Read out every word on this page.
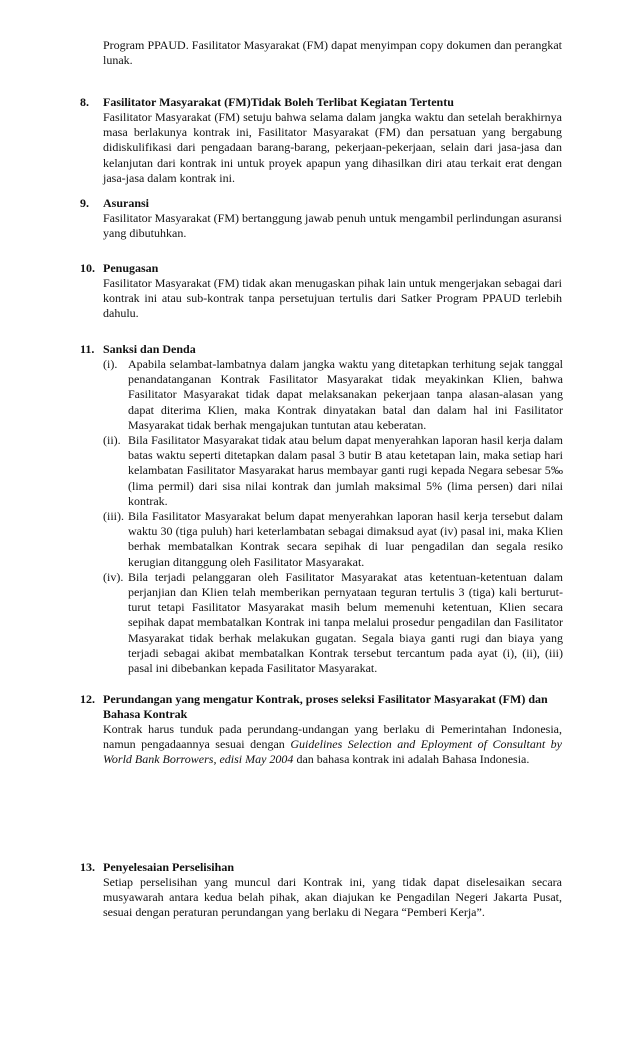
Program PPAUD. Fasilitator Masyarakat (FM) dapat menyimpan copy dokumen dan perangkat lunak.

8. Fasilitator Masyarakat (FM)Tidak Boleh Terlibat Kegiatan Tertentu

Fasilitator Masyarakat (FM) setuju bahwa selama dalam jangka waktu dan setelah berakhirnya masa berlakunya kontrak ini, Fasilitator Masyarakat (FM) dan persatuan yang bergabung didiskulifikasi dari pengadaan barang-barang, pekerjaan-pekerjaan, selain dari jasa-jasa dan kelanjutan dari kontrak ini untuk proyek apapun yang dihasilkan diri atau terkait erat dengan jasa-jasa dalam kontrak ini.

9. Asuransi

Fasilitator Masyarakat (FM) bertanggung jawab penuh untuk mengambil perlindungan asuransi yang dibutuhkan.

10. Penugasan

Fasilitator Masyarakat (FM) tidak akan menugaskan pihak lain untuk mengerjakan sebagai dari kontrak ini atau sub-kontrak tanpa persetujuan tertulis dari Satker Program PPAUD terlebih dahulu.

11. Sanksi dan Denda
(i). Apabila selambat-lambatnya dalam jangka waktu yang ditetapkan terhitung sejak tanggal penandatanganan Kontrak Fasilitator Masyarakat tidak meyakinkan Klien, bahwa Fasilitator Masyarakat tidak dapat melaksanakan pekerjaan tanpa alasan-alasan yang dapat diterima Klien, maka Kontrak dinyatakan batal dan dalam hal ini Fasilitator Masyarakat tidak berhak mengajukan tuntutan atau keberatan.
(ii). Bila Fasilitator Masyarakat tidak atau belum dapat menyerahkan laporan hasil kerja dalam batas waktu seperti ditetapkan dalam pasal 3 butir B atau ketetapan lain, maka setiap hari kelambatan Fasilitator Masyarakat harus membayar ganti rugi kepada Negara sebesar 5‰ (lima permil) dari sisa nilai kontrak dan jumlah maksimal 5% (lima persen) dari nilai kontrak.
(iii). Bila Fasilitator Masyarakat belum dapat menyerahkan laporan hasil kerja tersebut dalam waktu 30 (tiga puluh) hari keterlambatan sebagai dimaksud ayat (iv) pasal ini, maka Klien berhak membatalkan Kontrak secara sepihak di luar pengadilan dan segala resiko kerugian ditanggung oleh Fasilitator Masyarakat.
(iv). Bila terjadi pelanggaran oleh Fasilitator Masyarakat atas ketentuan-ketentuan dalam perjanjian dan Klien telah memberikan pernyataan teguran tertulis 3 (tiga) kali berturut-turut tetapi Fasilitator Masyarakat masih belum memenuhi ketentuan, Klien secara sepihak dapat membatalkan Kontrak ini tanpa melalui prosedur pengadilan dan Fasilitator Masyarakat tidak berhak melakukan gugatan. Segala biaya ganti rugi dan biaya yang terjadi sebagai akibat membatalkan Kontrak tersebut tercantum pada ayat (i), (ii), (iii) pasal ini dibebankan kepada Fasilitator Masyarakat.
12. Perundangan yang mengatur Kontrak, proses seleksi Fasilitator Masyarakat (FM) dan
Bahasa Kontrak

Kontrak harus tunduk pada perundang-undangan yang berlaku di Pemerintahan Indonesia, namun pengadaannya sesuai dengan Guidelines Selection and Eployment of Consultant by World Bank Borrowers, edisi May 2004 dan bahasa kontrak ini adalah Bahasa Indonesia.

13. Penyelesaian Perselisihan

Setiap perselisihan yang muncul dari Kontrak ini, yang tidak dapat diselesaikan secara musyawarah antara kedua belah pihak, akan diajukan ke Pengadilan Negeri Jakarta Pusat, sesuai dengan peraturan perundangan yang berlaku di Negara “Pemberi Kerja”.
